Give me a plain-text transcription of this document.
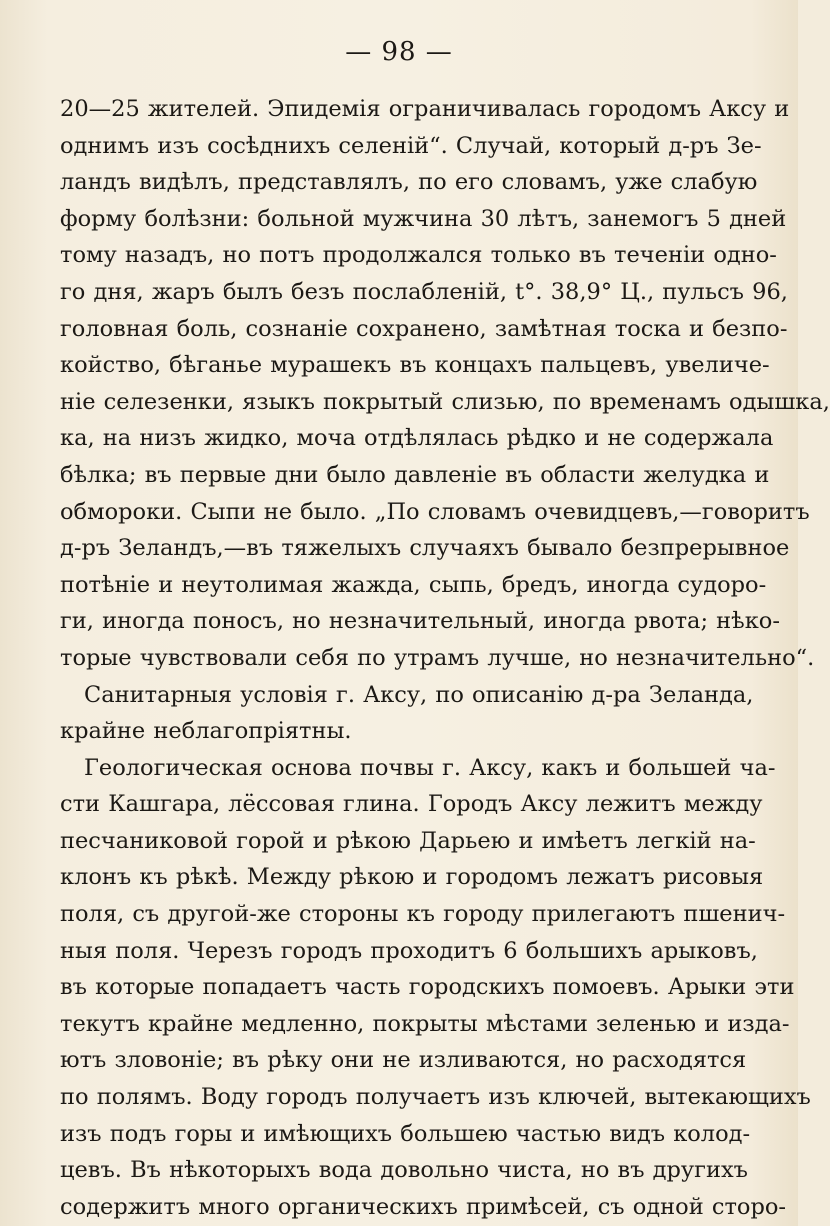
— 98 —
20—25 жителей. Эпидемія ограничивалась городомъ Аксу и
однимъ изъ сосѣднихъ селеній“. Случай, который д-ръ Зе-
ландъ видѣлъ, представлялъ, по его словамъ, уже слабую
форму болѣзни: больной мужчина 30 лѣтъ, занемогъ 5 дней
тому назадъ, но потъ продолжался только въ теченіи одно-
го дня, жаръ былъ безъ послабленій, t°. 38,9° Ц., пульсъ 96,
головная боль, сознаніе сохранено, замѣтная тоска и безпо-
койство, бѣганье мурашекъ въ концахъ пальцевъ, увеличе-
ніе селезенки, языкъ покрытый слизью, по временамъ одышка,
ка, на низъ жидко, моча отдѣлялась рѣдко и не содержала
бѣлка; въ первые дни было давленіе въ области желудка и
обмороки. Сыпи не было. „По словамъ очевидцевъ,—говоритъ
д-ръ Зеландъ,—въ тяжелыхъ случаяхъ бывало безпрерывное
потѣніе и неутолимая жажда, сыпь, бредъ, иногда судоро-
ги, иногда поносъ, но незначительный, иногда рвота; нѣко-
торые чувствовали себя по утрамъ лучше, но незначительно“.
Санитарныя условія г. Аксу, по описанію д-ра Зеланда,
крайне неблагопріятны.
Геологическая основа почвы г. Аксу, какъ и большей ча-
сти Кашгара, лёссовая глина. Городъ Аксу лежитъ между
песчаниковой горой и рѣкою Дарьею и имѣетъ легкій на-
клонъ къ рѣкѣ. Между рѣкою и городомъ лежатъ рисовыя
поля, съ другой-же стороны къ городу прилегаютъ пшенич-
ныя поля. Черезъ городъ проходитъ 6 большихъ арыковъ,
въ которые попадаетъ часть городскихъ помоевъ. Арыки эти
текутъ крайне медленно, покрыты мѣстами зеленью и изда-
ютъ зловоніе; въ рѣку они не изливаются, но расходятся
по полямъ. Воду городъ получаетъ изъ ключей, вытекающихъ
изъ подъ горы и имѣющихъ большею частью видъ колод-
цевъ. Въ нѣкоторыхъ вода довольно чиста, но въ другихъ
содержитъ много органическихъ примѣсей, съ одной сторо-
